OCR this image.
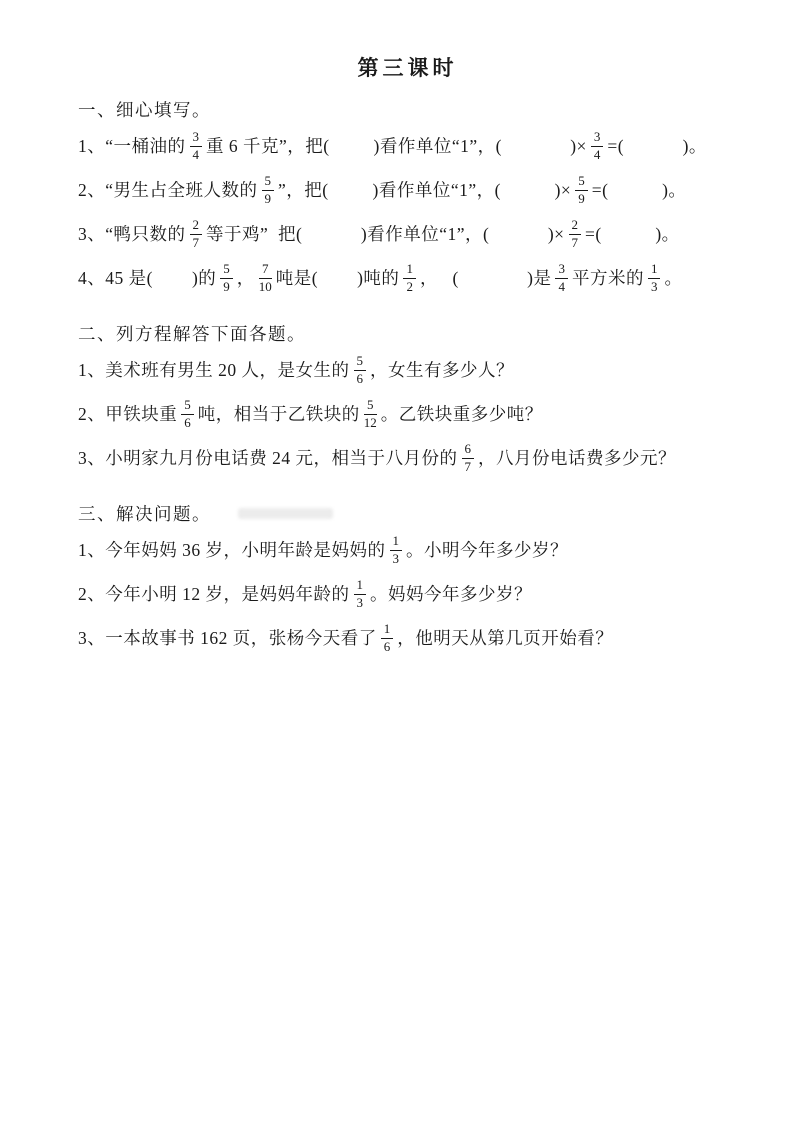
第三课时
一、细心填写。
1、“一桶油的 $\frac{3}{4}$ 重 6 千克”，把(         )看作单位“1”，(              )× $\frac{3}{4}$ =(            )。
2、“男生占全班人数的 $\frac{5}{9}$ ”，把(         )看作单位“1”，(           )× $\frac{5}{9}$ =(           )。
3、“鸭只数的 $\frac{2}{7}$ 等于鸡”  把(            )看作单位“1”，(            )× $\frac{2}{7}$ =(           )。
4、45 是(        )的 $\frac{5}{9}$ ， $\frac{7}{10}$ 吨是(        )吨的 $\frac{1}{2}$ ，   (              )是 $\frac{3}{4}$ 平方米的 $\frac{1}{3}$ 。
二、列方程解答下面各题。
1、美术班有男生 20 人，是女生的 $\frac{5}{6}$ ，女生有多少人？
2、甲铁块重 $\frac{5}{6}$ 吨，相当于乙铁块的 $\frac{5}{12}$ 。乙铁块重多少吨？
3、小明家九月份电话费 24 元，相当于八月份的 $\frac{6}{7}$ ，八月份电话费多少元？
三、解决问题。
1、今年妈妈 36 岁，小明年龄是妈妈的 $\frac{1}{3}$ 。小明今年多少岁？
2、今年小明 12 岁，是妈妈年龄的 $\frac{1}{3}$ 。妈妈今年多少岁？
3、一本故事书 162 页，张杨今天看了 $\frac{1}{6}$ ，他明天从第几页开始看？
